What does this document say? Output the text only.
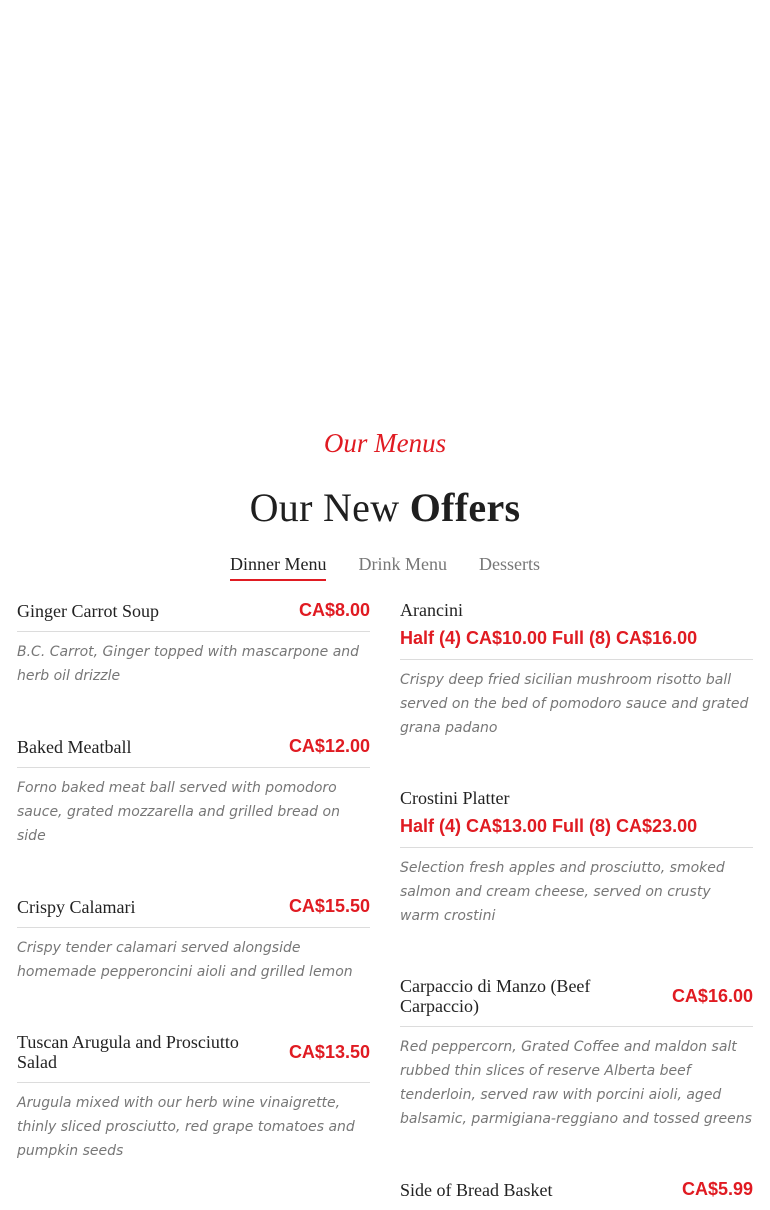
Our Menus
Our New Offers
Dinner Menu Drink Menu Desserts
Ginger Carrot Soup	CA$8.00
B.C. Carrot, Ginger topped with mascarpone and herb oil drizzle
Baked Meatball	CA$12.00
Forno baked meat ball served with pomodoro sauce, grated mozzarella and grilled bread on side
Crispy Calamari	CA$15.50
Crispy tender calamari served alongside homemade pepperoncini aioli and grilled lemon
Tuscan Arugula and Prosciutto Salad
CA$13.50
Arugula mixed with our herb wine vinaigrette, thinly sliced prosciutto, red grape tomatoes and pumpkin seeds
Arancini
Half (4) CA$10.00 Full (8) CA$16.00
Crispy deep fried sicilian mushroom risotto ball served on the bed of pomodoro sauce and grated grana padano
Crostini Platter
Half (4) CA$13.00 Full (8) CA$23.00
Selection fresh apples and prosciutto, smoked salmon and cream cheese, served on crusty warm crostini
Carpaccio di Manzo (Beef Carpaccio)
CA$16.00
Red peppercorn, Grated Coffee and maldon salt rubbed thin slices of reserve Alberta beef tenderloin, served raw with porcini aioli, aged balsamic, parmigiana-reggiano and tossed greens
Side of Bread Basket	CA$5.99
